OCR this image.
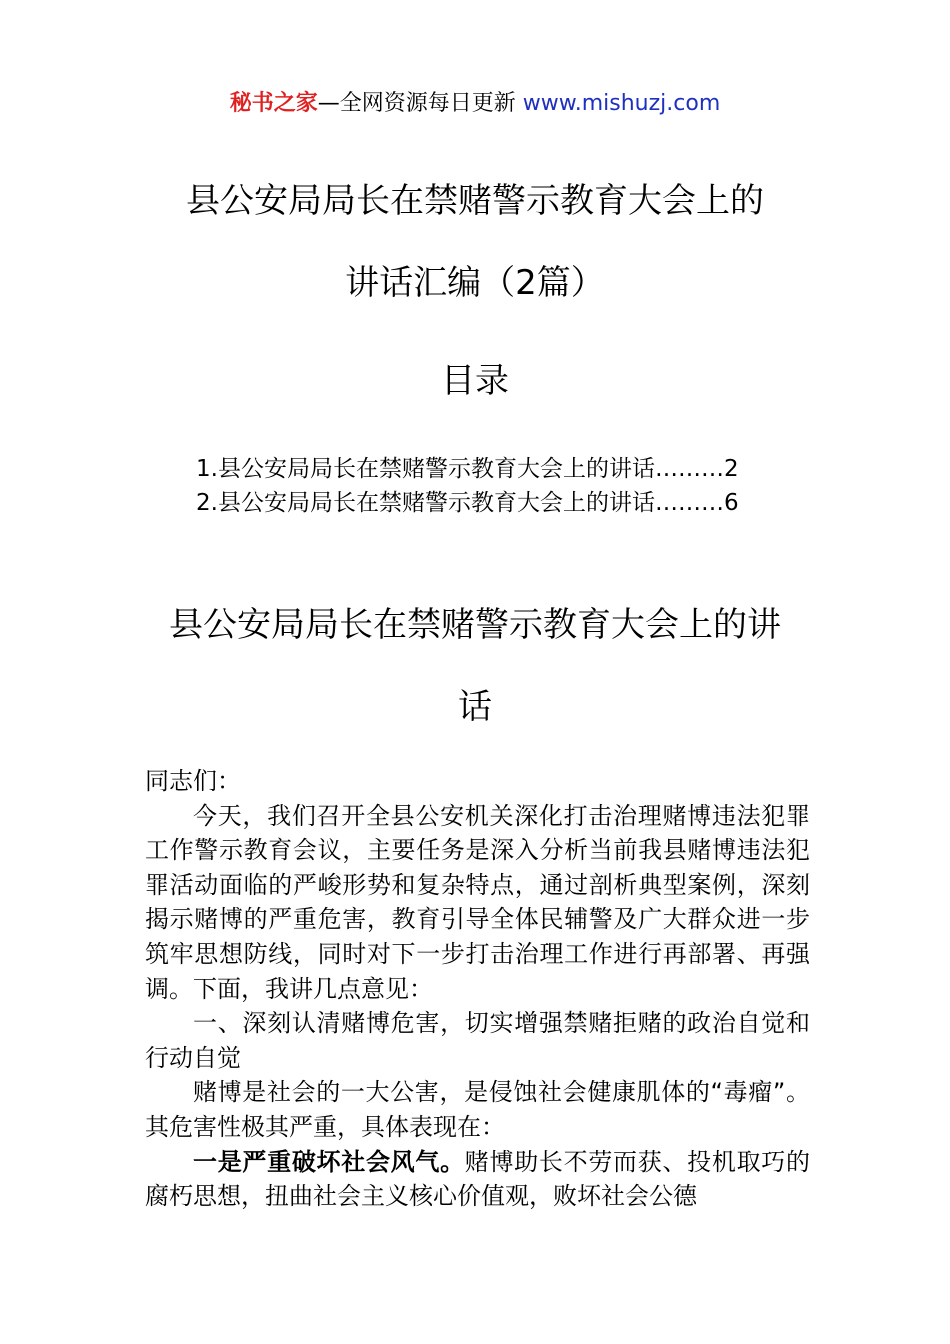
秘书之家—全网资源每日更新 www.mishuzj.com
县公安局局长在禁赌警示教育大会上的
讲话汇编（2篇）
目录
1.县公安局局长在禁赌警示教育大会上的讲话………2
2.县公安局局长在禁赌警示教育大会上的讲话………6
县公安局局长在禁赌警示教育大会上的讲
话

同志们：

今天，我们召开全县公安机关深化打击治理赌博违法犯罪工作警示教育会议，主要任务是深入分析当前我县赌博违法犯罪活动面临的严峻形势和复杂特点，通过剖析典型案例，深刻揭示赌博的严重危害，教育引导全体民辅警及广大群众进一步筑牢思想防线，同时对下一步打击治理工作进行再部署、再强调。下面，我讲几点意见：

一、深刻认清赌博危害，切实增强禁赌拒赌的政治自觉和行动自觉

赌博是社会的一大公害，是侵蚀社会健康肌体的“毒瘤”。其危害性极其严重，具体表现在：

一是严重破坏社会风气。赌博助长不劳而获、投机取巧的腐朽思想，扭曲社会主义核心价值观，败坏社会公德
